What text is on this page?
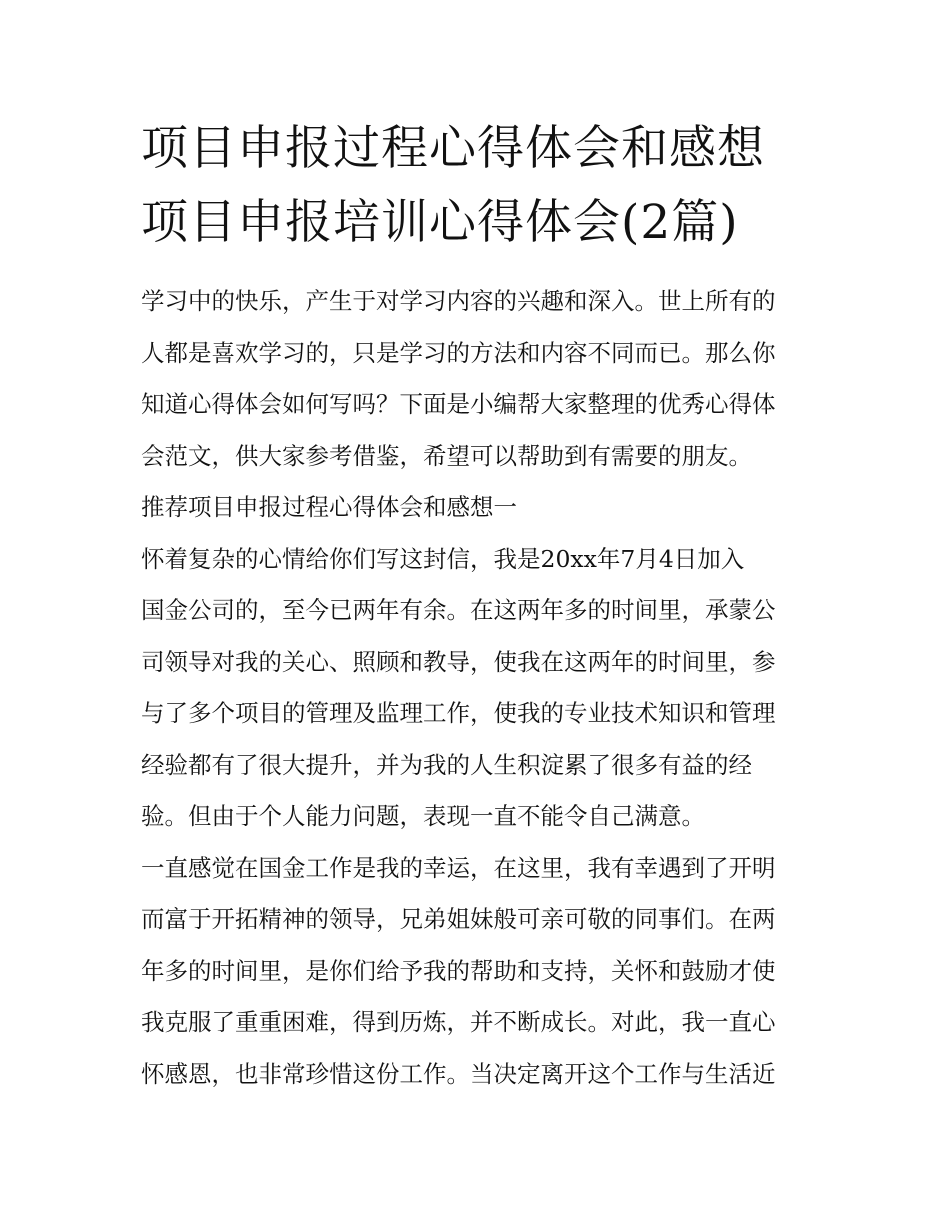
项目申报过程心得体会和感想
项目申报培训心得体会(2篇)

学习中的快乐，产生于对学习内容的兴趣和深入。世上所有的
人都是喜欢学习的，只是学习的方法和内容不同而已。那么你
知道心得体会如何写吗？下面是小编帮大家整理的优秀心得体
会范文，供大家参考借鉴，希望可以帮助到有需要的朋友。

推荐项目申报过程心得体会和感想一

怀着复杂的心情给你们写这封信，我是20xx年7月4日加入
国金公司的，至今已两年有余。在这两年多的时间里，承蒙公
司领导对我的关心、照顾和教导，使我在这两年的时间里，参
与了多个项目的管理及监理工作，使我的专业技术知识和管理
经验都有了很大提升，并为我的人生积淀累了很多有益的经
验。但由于个人能力问题，表现一直不能令自己满意。

一直感觉在国金工作是我的幸运，在这里，我有幸遇到了开明
而富于开拓精神的领导，兄弟姐妹般可亲可敬的同事们。在两
年多的时间里，是你们给予我的帮助和支持，关怀和鼓励才使
我克服了重重困难，得到历炼，并不断成长。对此，我一直心
怀感恩，也非常珍惜这份工作。当决定离开这个工作与生活近
